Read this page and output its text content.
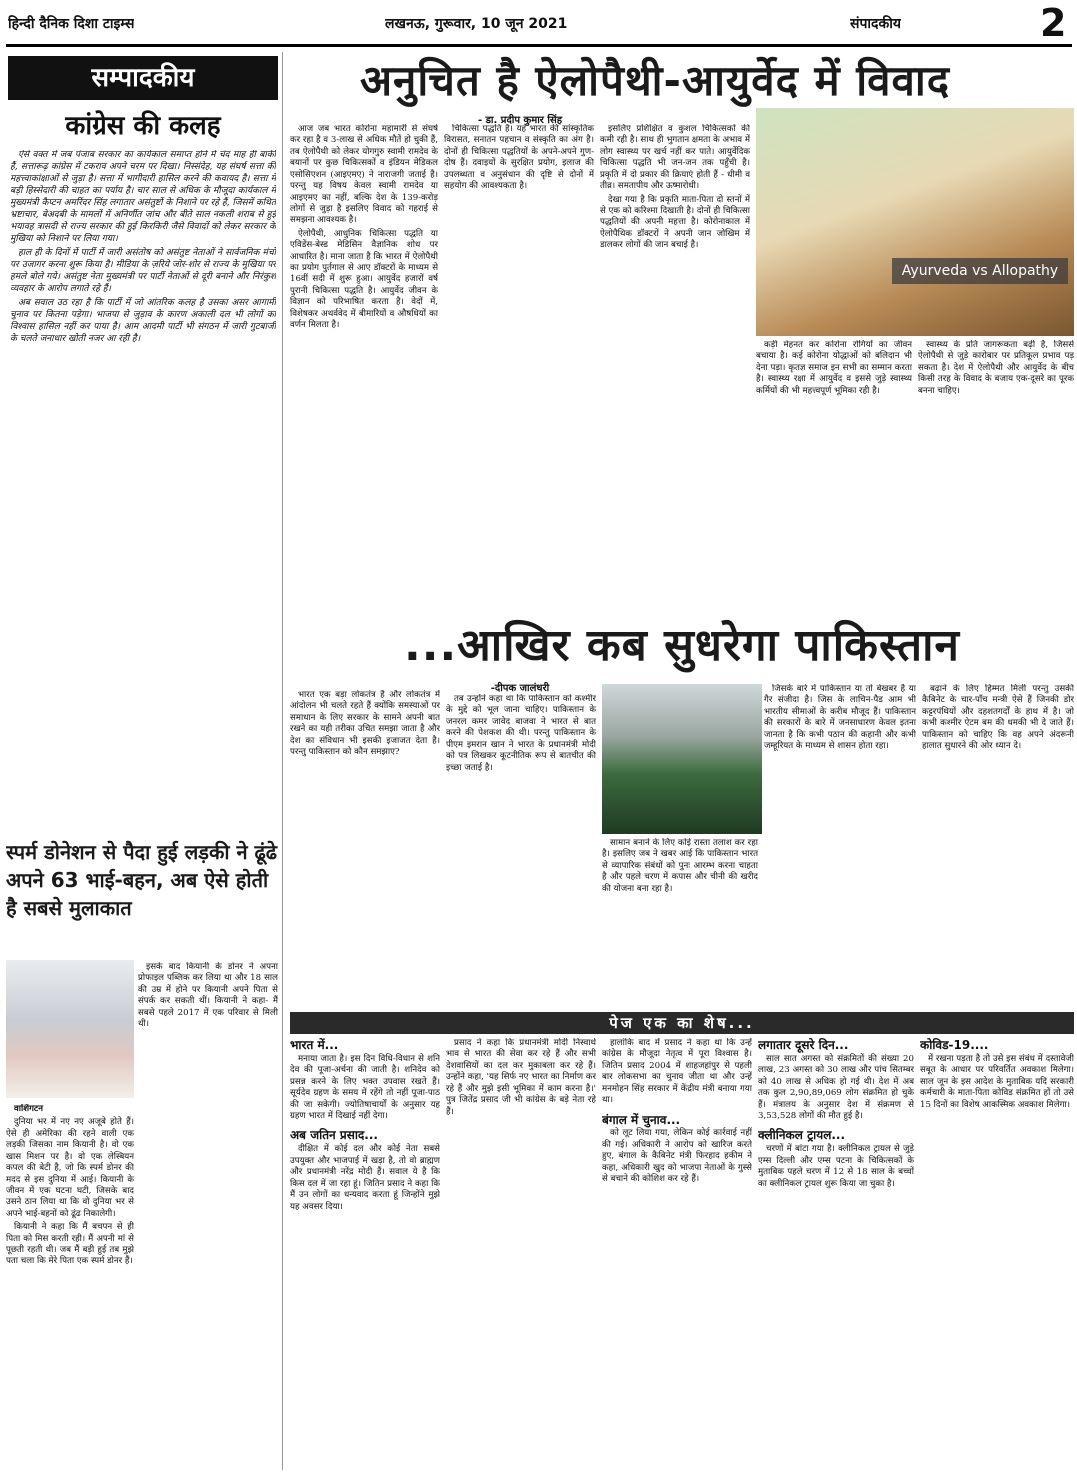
हिन्दी दैनिक दिशा टाइम्स	लखनऊ, गुरूवार, 10 जून 2021	संपादकीय	2
सम्पादकीय
कांग्रेस की कलह

ऐसे वक्त में जब पंजाब सरकार का कार्यकाल समाप्त होने में चंद माह ही बाकी हैं, सत्तारूढ़ कांग्रेस में टकराव अपने चरम पर दिखा। निस्संदेह, यह संघर्ष सत्ता की महत्त्वाकांक्षाओं से जुड़ा है। सत्ता में भागीदारी हासिल करने की कवायद है। सत्ता में बड़ी हिस्सेदारी की चाहत का पर्याय है। चार साल से अधिक के मौजूदा कार्यकाल में मुख्यमंत्री कैप्टन अमरिंदर सिंह लगातार असंतुष्टों के निशाने पर रहे हैं, जिसमें कथित भ्रष्टाचार, बेअदबी के मामलों में अनिर्णीत जांच और बीते साल नकली शराब से हुई भयावह त्रासदी से राज्य सरकार की हुई किरकिरी जैसे विवादों को लेकर सरकार के मुखिया को निशाने पर लिया गया।

हाल ही के दिनों में पार्टी में जारी असंतोष को असंतुष्ट नेताओं ने सार्वजनिक मंचों पर उजागर करना शुरू किया है। मीडिया के ज़रिये जोर-शोर से राज्य के मुखिया पर हमले बोले गये। असंतुष्ट नेता मुख्यमंत्री पर पार्टी नेताओं से दूरी बनाने और निरंकुश व्यवहार के आरोप लगाते रहे हैं।

अब सवाल उठ रहा है कि पार्टी में जो आंतरिक कलह है उसका असर आगामी चुनाव पर कितना पड़ेगा। भाजपा से जुड़ाव के कारण अकाली दल भी लोगों का विश्वास हासिल नहीं कर पाया है। आम आदमी पार्टी भी संगठन में जारी गुटबाजी के चलते जनाधार खोती नजर आ रही है।

स्पर्म डोनेशन से पैदा हुई लड़की ने ढूंढे अपने 63 भाई-बहन, अब ऐसे होती है सबसे मुलाकात

इसके बाद कियानी के डोनर ने अपना प्रोफाइल पब्लिक कर लिया था और 18 साल की उम्र में होने पर कियानी अपने पिता से संपर्क कर सकती थीं। कियानी ने कहा- मैं सबसे पहले 2017 में एक परिवार से मिली थी।

वाशिंगटन

दुनिया भर में नए नए अजूबे होते हैं। ऐसे ही अमेरिका की रहने वाली एक लड़की जिसका नाम कियानी है। वो एक खास मिशन पर है। वो एक लेस्बियन कपल की बेटी है, जो कि स्पर्म डोनर की मदद से इस दुनिया में आई। कियानी के जीवन में एक घटना घटी, जिसके बाद उसने ठान लिया था कि वो दुनिया भर से अपने भाई-बहनों को ढूंढ निकालेगी।

कियानी ने कहा कि मैं बचपन से ही पिता को मिस करती रही। मैं अपनी मां से पूछती रहती थी। जब मैं बड़ी हुई तब मुझे पता चला कि मेरे पिता एक स्पर्म डोनर हैं।

अनुचित है ऐलोपैथी-आयुर्वेद में विवाद
- डा. प्रदीप कुमार सिंह

आज जब भारत कोरोना महामारी से संघर्ष कर रहा है व 3-लाख से अधिक मौतें हो चुकी हैं, तब ऐलोपैथी को लेकर योगगुरु स्वामी रामदेव के बयानों पर कुछ चिकित्सकों व इंडियन मेडिकल एसोसिएशन (आइएमए) ने नाराजगी जताई है। परन्तु यह विषय केवल स्वामी रामदेव या आइएमए का नहीं, बल्कि देश के 139-करोड़ लोगों से जुड़ा है इसलिए विवाद को गहराई से समझना आवश्यक है।

ऐलोपैथी, आधुनिक चिकित्सा पद्धति या एविडेंस-बेस्ड मेडिसिन वैज्ञानिक शोध पर आधारित है। माना जाता है कि भारत में ऐलोपैथी का प्रयोग पुर्तगाल से आए डॉक्टरों के माध्यम से 16वीं सदी में शुरू हुआ। आयुर्वेद हजारों वर्ष पुरानी चिकित्सा पद्धति है। आयुर्वेद जीवन के विज्ञान को परिभाषित करता है। वेदों में, विशेषकर अथर्ववेद में बीमारियों व औषधियों का वर्णन मिलता है।

चिकित्सा पद्धति है। यह भारत की सांस्कृतिक विरासत, सनातन पहचान व संस्कृति का अंग है। दोनों ही चिकित्सा पद्धतियों के अपने-अपने गुण-दोष हैं। दवाइयों के सुरक्षित प्रयोग, इलाज की उपलब्धता व अनुसंधान की दृष्टि से दोनों में सहयोग की आवश्यकता है।

इसलिए प्रशिक्षित व कुशल चिकित्सकों की कमी रही है। साथ ही भुगतान क्षमता के अभाव में लोग स्वास्थ्य पर खर्च नहीं कर पाते। आयुर्वेदिक चिकित्सा पद्धति भी जन-जन तक पहुँची है। प्रकृति में दो प्रकार की क्रियाएं होती हैं - धीमी व तीव्र। समतापीय और ऊष्मारोधी।

देखा गया है कि प्रकृति माता-पिता दो स्तनों में से एक को करिश्मा दिखाती है। दोनों ही चिकित्सा पद्धतियों की अपनी महत्ता है। कोरोनाकाल में ऐलोपैथिक डॉक्टरों ने अपनी जान जोखिम में डालकर लोगों की जान बचाई है।

Ayurveda vs Allopathy

कड़ी मेहनत कर कोरोना रोगियों का जीवन बचाया है। कई कोरोना योद्धाओं को बलिदान भी देना पड़ा। कृतज्ञ समाज इन सभी का सम्मान करता है। स्वास्थ्य रक्षा में आयुर्वेद व इससे जुड़े स्वास्थ्य कर्मियों की भी महत्त्वपूर्ण भूमिका रही है।

स्वास्थ्य के प्रति जागरूकता बढ़ी है, जिससे ऐलोपैथी से जुड़े कारोबार पर प्रतिकूल प्रभाव पड़ सकता है। देश में ऐलोपैथी और आयुर्वेद के बीच किसी तरह के विवाद के बजाय एक-दूसरे का पूरक बनना चाहिए।

...आखिर कब सुधरेगा पाकिस्तान
-दीपक जालंधरी

भारत एक बड़ा लोकतंत्र है और लोकतंत्र में आंदोलन भी चलते रहते हैं क्योंकि समस्याओं पर समाधान के लिए सरकार के सामने अपनी बात रखने का यही तरीका उचित समझा जाता है और देश का संविधान भी इसकी इजाजत देता है। परन्तु पाकिस्तान को कौन समझाए?

तब उन्होंने कहा था कि पाकिस्तान को कश्मीर के मुद्दे को भूल जाना चाहिए। पाकिस्तान के जनरल कमर जावेद बाजवा ने भारत से बात करने की पेशकश की थी। परन्तु पाकिस्तान के पीएम इमरान खान ने भारत के प्रधानमंत्री मोदी को पत्र लिखकर कूटनीतिक रूप से बातचीत की इच्छा जताई है।

सामान बनाने के लिए कोई रास्ता तलाश कर रहा है। इसलिए जब ने खबर आई कि पाकिस्तान भारत से व्यापारिक संबंधों को पुनः आरम्भ करना चाहता है और पहले चरण में कपास और चीनी की खरीद की योजना बना रहा है।

जिसके बारे में पाकिस्तान या तो बेखबर है या गैर संजीदा है। जिस के लाचिन-पैड आम भी भारतीय सीमाओं के करीब मौजूद हैं। पाकिस्तान की सरकारों के बारे में जनसाधारण केवल इतना जानता है कि कभी पठान की कहानी और कभी जम्हूरियत के माध्यम से शासन होता रहा।

बढ़ाने के लिए हिम्मत मिली परन्तु उसकी कैबिनेट के चार-पाँच मन्त्री ऐसे हैं जिनकी डोर कट्टरपंथियों और दहशतगर्दों के हाथ में है। जो कभी कश्मीर ऐटम बम की धमकी भी दे जाते हैं। पाकिस्तान को चाहिए कि वह अपने अंदरूनी हालात सुधारने की ओर ध्यान दे।

पेज एक का शेष...
भारत में...

मनाया जाता है। इस दिन विधि-विधान से शनि देव की पूजा-अर्चना की जाती है। शनिदेव को प्रसन्न करने के लिए भक्त उपवास रखते हैं। सूर्यदेव ग्रहण के समय में रहेंगे तो नहीं पूजा-पाठ की जा सकेगी। ज्योतिषाचार्यों के अनुसार यह ग्रहण भारत में दिखाई नहीं देगा।

अब जतिन प्रसाद...

दीक्षित में कोई दल और कोई नेता सबसे उपयुक्त और भाजपाई में खड़ा है, तो वो ब्राह्मण और प्रधानमंत्री नरेंद्र मोदी हैं। सवाल ये है कि किस दल में जा रहा हूं। जितिन प्रसाद ने कहा कि मैं उन लोगों का धन्यवाद करता हूं जिन्होंने मुझे यह अवसर दिया।

प्रसाद ने कहा कि प्रधानमंत्री मोदी निस्वार्थ भाव से भारत की सेवा कर रहे हैं और सभी देशवासियों का दल कर मुकाबला कर रहे हैं। उन्होंने कहा, 'यह सिर्फ नए भारत का निर्माण कर रहे हैं और मुझे इसी भूमिका में काम करना है।' पुत्र जितेंद्र प्रसाद जी भी कांग्रेस के बड़े नेता रहे हैं।

हालांकि बाद में प्रसाद ने कहा था कि उन्हें कांग्रेस के मौजूदा नेतृत्व में पूरा विश्वास है। जितिन प्रसाद 2004 में शाहजहांपुर से पहली बार लोकसभा का चुनाव जीता था और उन्हें मनमोहन सिंह सरकार में केंद्रीय मंत्री बनाया गया था।

बंगाल में चुनाव...

को लूट लिया गया, लेकिन कोई कार्रवाई नहीं की गई। अधिकारी ने आरोप को खारिज करते हुए, बंगाल के कैबिनेट मंत्री फिरहाद हकीम ने कहा, अधिकारी खुद को भाजपा नेताओं के गुस्से से बचाने की कोशिश कर रहे हैं।

लगातार दूसरे दिन...

साल सात अगस्त को संक्रमितों की संख्या 20 लाख, 23 अगस्त को 30 लाख और पांच सितम्बर को 40 लाख से अधिक हो गई थी। देश में अब तक कुल 2,90,89,069 लोग संक्रमित हो चुके हैं। मंत्रालय के अनुसार देश में संक्रमण से 3,53,528 लोगों की मौत हुई है।

क्लीनिकल ट्रायल...

चरणों में बांटा गया है। क्लीनिकल ट्रायल से जुड़े एम्स दिल्ली और एम्स पटना के चिकित्सकों के मुताबिक पहले चरण में 12 से 18 साल के बच्चों का क्लीनिकल ट्रायल शुरू किया जा चुका है।

कोविड-19....

में रखना पड़ता है तो उसे इस संबंध में दस्तावेजी सबूत के आधार पर परिवर्तित अवकाश मिलेगा। साल जून के इस आदेश के मुताबिक यदि सरकारी कर्मचारी के माता-पिता कोविड संक्रमित हों तो उसे 15 दिनों का विशेष आकस्मिक अवकाश मिलेगा।
